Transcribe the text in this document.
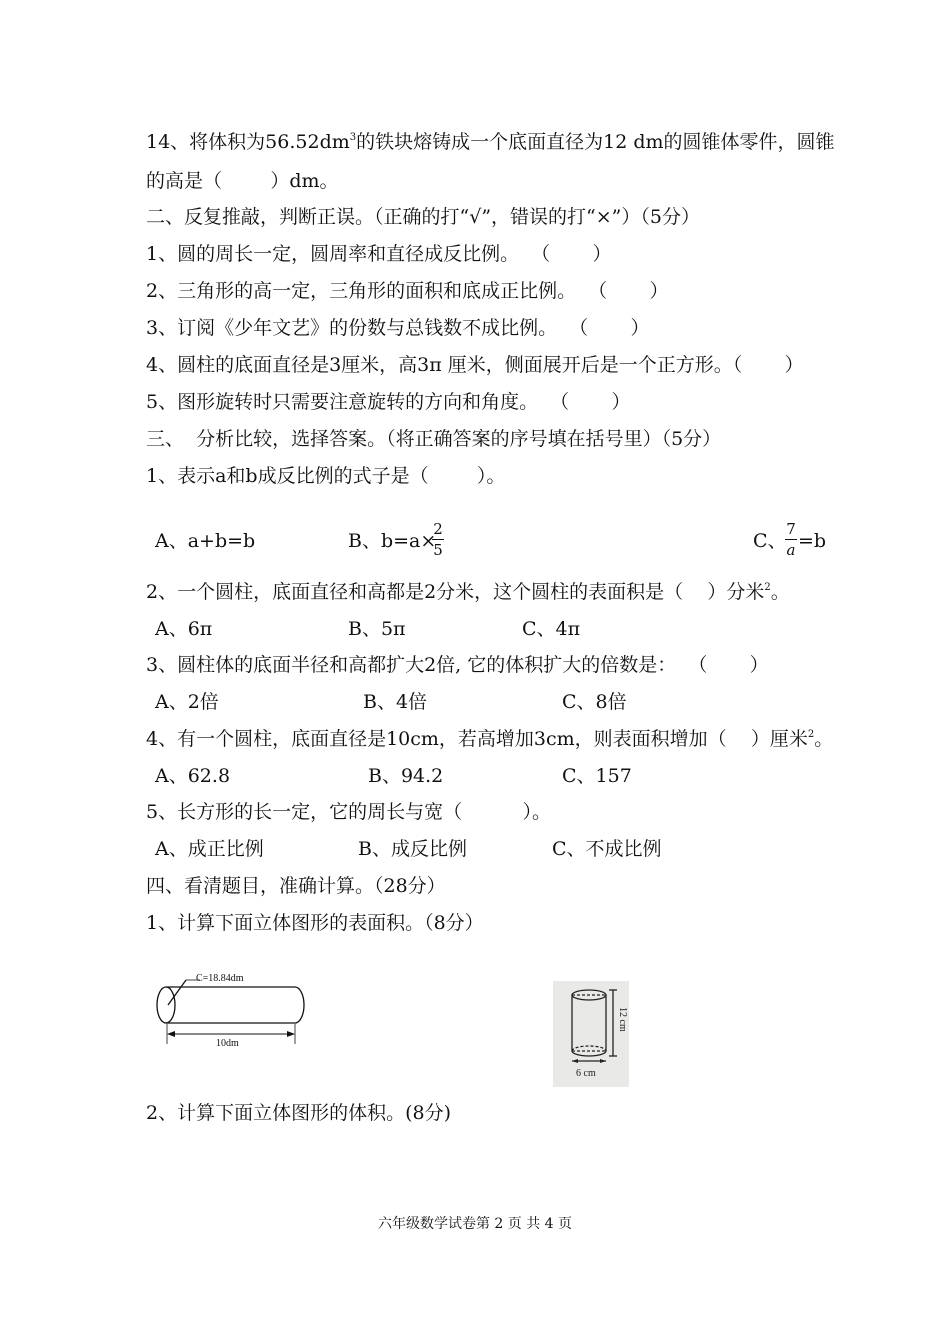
14、将体积为$56.52dm^3$的铁块熔铸成一个底面直径为12 dm的圆锥体零件，圆锥
的高是（        ）dm。
二、反复推敲，判断正误。（正确的打“√”，错误的打“×”）（5分）
1、圆的周长一定，圆周率和直径成反比例。  （       ）
2、三角形的高一定，三角形的面积和底成正比例。  （       ）
3、订阅《少年文艺》的份数与总钱数不成比例。  （       ）
4、圆柱的底面直径是3厘米，高3π 厘米，侧面展开后是一个正方形。（       ）
5、图形旋转时只需要注意旋转的方向和角度。  （       ）
三、  分析比较，选择答案。（将正确答案的序号填在括号里）（5分）
1、表示a和b成反比例的式子是（        ）。
A、a+b=b	B、b=a×
2
5	C、
7
a =b
2、一个圆柱，底面直径和高都是2分米，这个圆柱的表面积是（    ）分米$^2$。
A、6π	B、5π	C、4π
3、圆柱体的底面半径和高都扩大2倍, 它的体积扩大的倍数是：  （       ）
A、2倍	B、4倍	C、8倍
4、有一个圆柱，底面直径是10cm，若高增加3cm，则表面积增加（    ）厘米$^2$。
A、62.8	B、94.2	C、157
5、长方形的长一定，它的周长与宽（          ）。
A、成正比例	B、成反比例	C、不成比例
四、看清题目，准确计算。（28分）
1、计算下面立体图形的表面积。（8分）
C=18.84dm
10dm
12 cm
6 cm
2、计算下面立体图形的体积。(8分)
六年级数学试卷第 2 页 共 4 页
